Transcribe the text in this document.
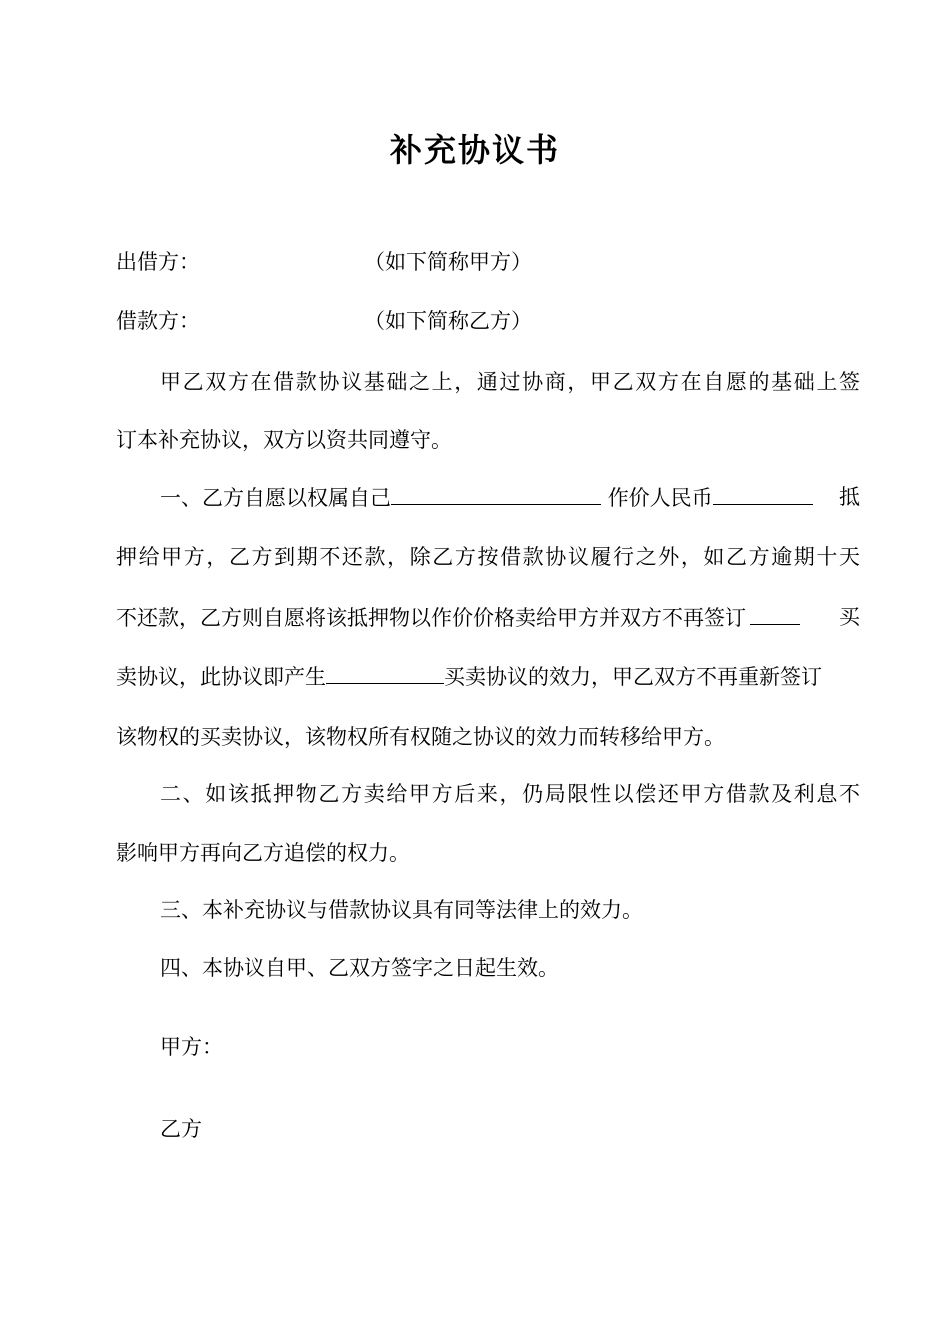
补充协议书
出借方：	（如下简称甲方）
借款方：	（如下简称乙方）
甲乙双方在借款协议基础之上，通过协商，甲乙双方在自愿的基础上签
订本补充协议，双方以资共同遵守。
一、乙方自愿以权属自己	作价人民币	抵
押给甲方，乙方到期不还款，除乙方按借款协议履行之外，如乙方逾期十天
不还款，乙方则自愿将该抵押物以作价价格卖给甲方并双方不再签订	买
卖协议，此协议即产生	买卖协议的效力，甲乙双方不再重新签订
该物权的买卖协议，该物权所有权随之协议的效力而转移给甲方。
二、如该抵押物乙方卖给甲方后来，仍局限性以偿还甲方借款及利息不
影响甲方再向乙方追偿的权力。
三、本补充协议与借款协议具有同等法律上的效力。
四、本协议自甲、乙双方签字之日起生效。
甲方：
乙方
